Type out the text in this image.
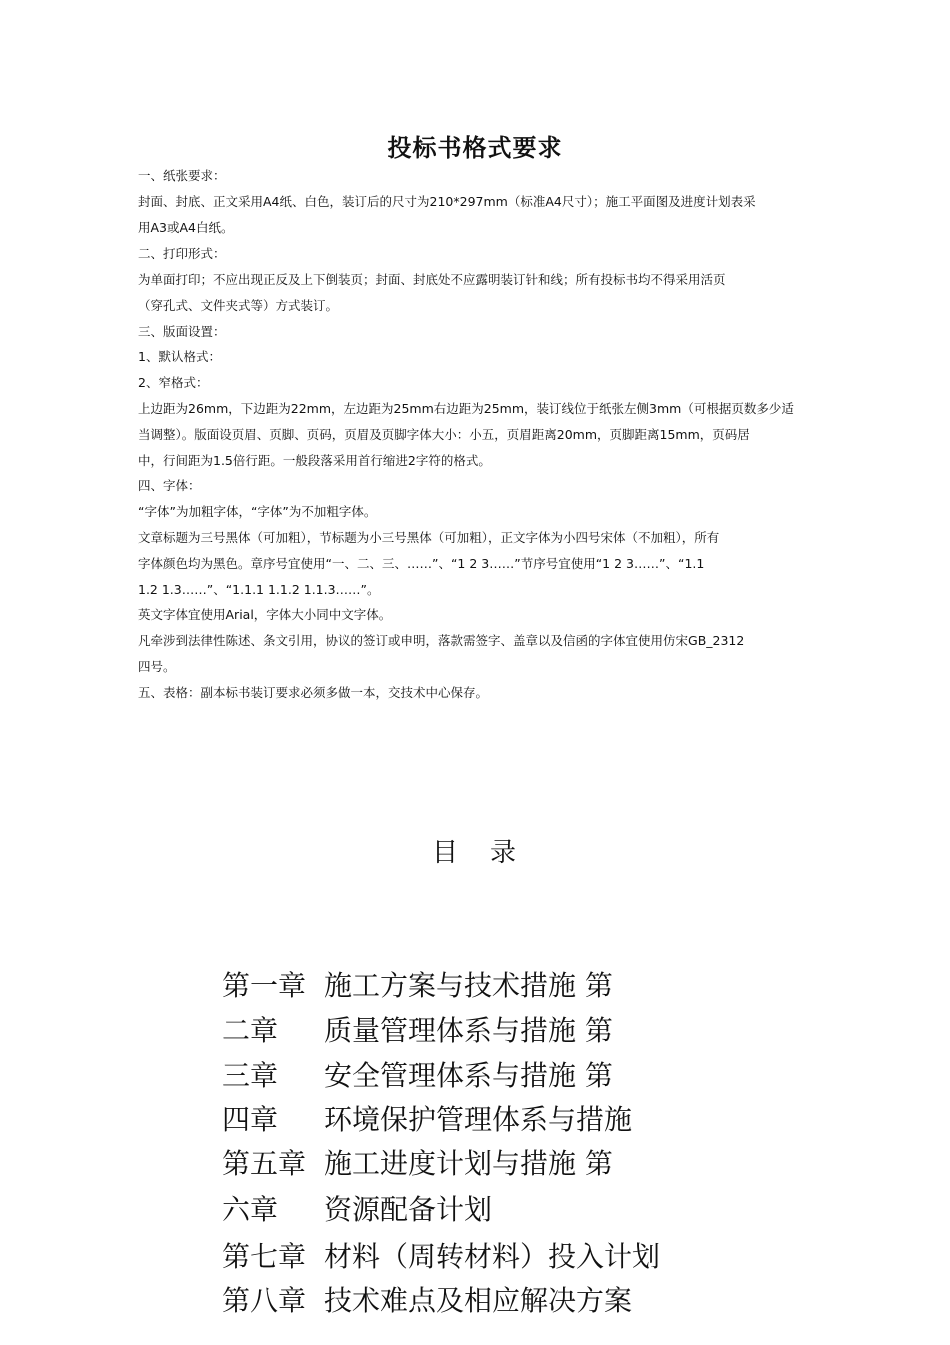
投标书格式要求
一、纸张要求：
封面、封底、正文采用A4纸、白色，装订后的尺寸为210*297mm（标准A4尺寸）；施工平面图及进度计划表采
用A3或A4白纸。
二、打印形式：
为单面打印；不应出现正反及上下倒装页；封面、封底处不应露明装订针和线；所有投标书均不得采用活页
（穿孔式、文件夹式等）方式装订。
三、版面设置：
1、默认格式：
2、窄格式：
上边距为26mm，下边距为22mm，左边距为25mm右边距为25mm，装订线位于纸张左侧3mm（可根据页数多少适
当调整）。版面设页眉、页脚、页码，页眉及页脚字体大小：小五，页眉距离20mm，页脚距离15mm，页码居
中，行间距为1.5倍行距。一般段落采用首行缩进2字符的格式。
四、字体：
“字体”为加粗字体，“字体”为不加粗字体。
文章标题为三号黑体（可加粗），节标题为小三号黑体（可加粗），正文字体为小四号宋体（不加粗），所有
字体颜色均为黑色。章序号宜使用“一、二、三、……”、“1 2 3……”节序号宜使用“1 2 3……”、“1.1
1.2 1.3……”、“1.1.1 1.1.2 1.1.3……”。
英文字体宜使用Arial，字体大小同中文字体。
凡牵涉到法律性陈述、条文引用，协议的签订或申明，落款需签字、盖章以及信函的字体宜使用仿宋GB_2312
四号。
五、表格：副本标书装订要求必须多做一本，交技术中心保存。
目 录
第一章 施工方案与技术措施 第
二章 质量管理体系与措施 第
三章 安全管理体系与措施 第
四章 环境保护管理体系与措施
第五章 施工进度计划与措施 第
六章 资源配备计划
第七章 材料（周转材料）投入计划
第八章 技术难点及相应解决方案
